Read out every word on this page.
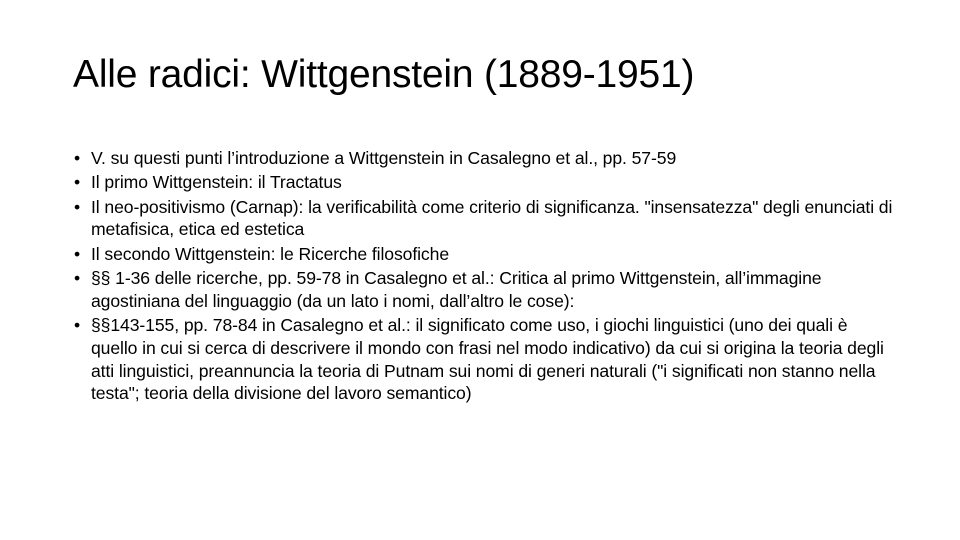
Alle radici: Wittgenstein (1889-1951)
• V. su questi punti l’introduzione a Wittgenstein in Casalegno et al., pp. 57-59
• Il primo Wittgenstein: il Tractatus
• Il neo-positivismo (Carnap): la verificabilità come criterio di significanza. "insensatezza" degli enunciati di metafisica, etica ed estetica
• Il secondo Wittgenstein: le Ricerche filosofiche
• §§ 1-36 delle ricerche, pp. 59-78 in Casalegno et al.: Critica al primo Wittgenstein, all’immagine agostiniana del linguaggio (da un lato i nomi, dall’altro le cose):
• §§143-155, pp. 78-84 in Casalegno et al.: il significato come uso, i giochi linguistici (uno dei quali è quello in cui si cerca di descrivere il mondo con frasi nel modo indicativo) da cui si origina la teoria degli atti linguistici, preannuncia la teoria di Putnam sui nomi di generi naturali ("i significati non stanno nella testa"; teoria della divisione del lavoro semantico)
